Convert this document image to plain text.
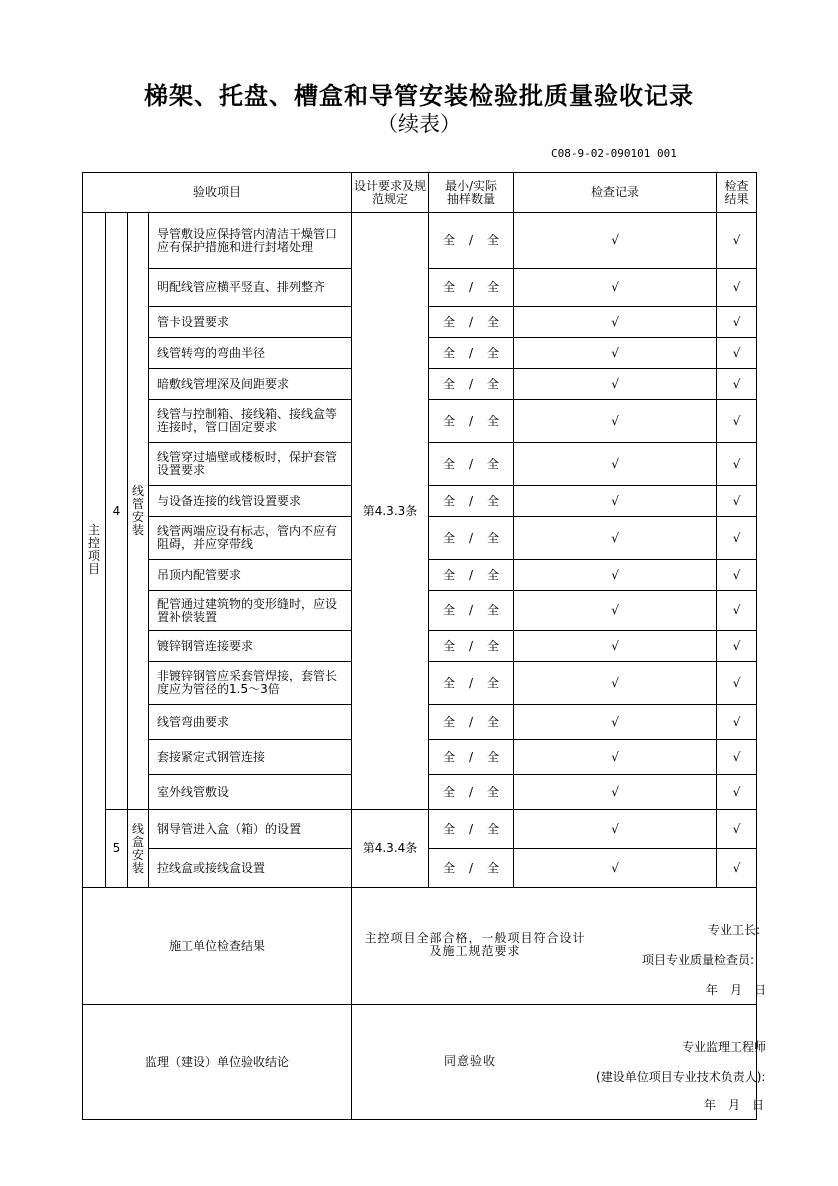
梯架、托盘、槽盒和导管安装检验批质量验收记录
（续表）
C08-9-02-090101 001
验收项目				设计要求及规范规定	最小/实际抽样数量	检查记录	检查结果
主控项目	4	线管安装	导管敷设应保持管内清洁干燥管口应有保护措施和进行封堵处理	第4.3.3条	全 / 全	√	√
			明配线管应横平竖直、排列整齐		全 / 全	√	√
			管卡设置要求		全 / 全	√	√
			线管转弯的弯曲半径		全 / 全	√	√
			暗敷线管埋深及间距要求		全 / 全	√	√
			线管与控制箱、接线箱、接线盒等连接时，管口固定要求		全 / 全	√	√
			线管穿过墙壁或楼板时，保护套管设置要求		全 / 全	√	√
			与设备连接的线管设置要求		全 / 全	√	√
			线管两端应设有标志，管内不应有阻碍，并应穿带线		全 / 全	√	√
			吊顶内配管要求		全 / 全	√	√
			配管通过建筑物的变形缝时，应设置补偿装置		全 / 全	√	√
			镀锌钢管连接要求		全 / 全	√	√
			非镀锌钢管应采套管焊接，套管长度应为管径的1.5～3倍		全 / 全	√	√
			线管弯曲要求		全 / 全	√	√
			套接紧定式钢管连接		全 / 全	√	√
			室外线管敷设		全 / 全	√	√
	5	线盒安装	钢导管进入盒（箱）的设置	第4.3.4条	全 / 全	√	√
			拉线盒或接线盒设置		全 / 全	√	√
施工单位检查结果				主控项目全部合格，一般项目符合设计及施工规范要求
专业工长:
项目专业质量检查员:
年　月　日			

监理（建设）单位验收结论				同意验收
专业监理工程师
(建设单位项目专业技术负责人):
年　月　日			
